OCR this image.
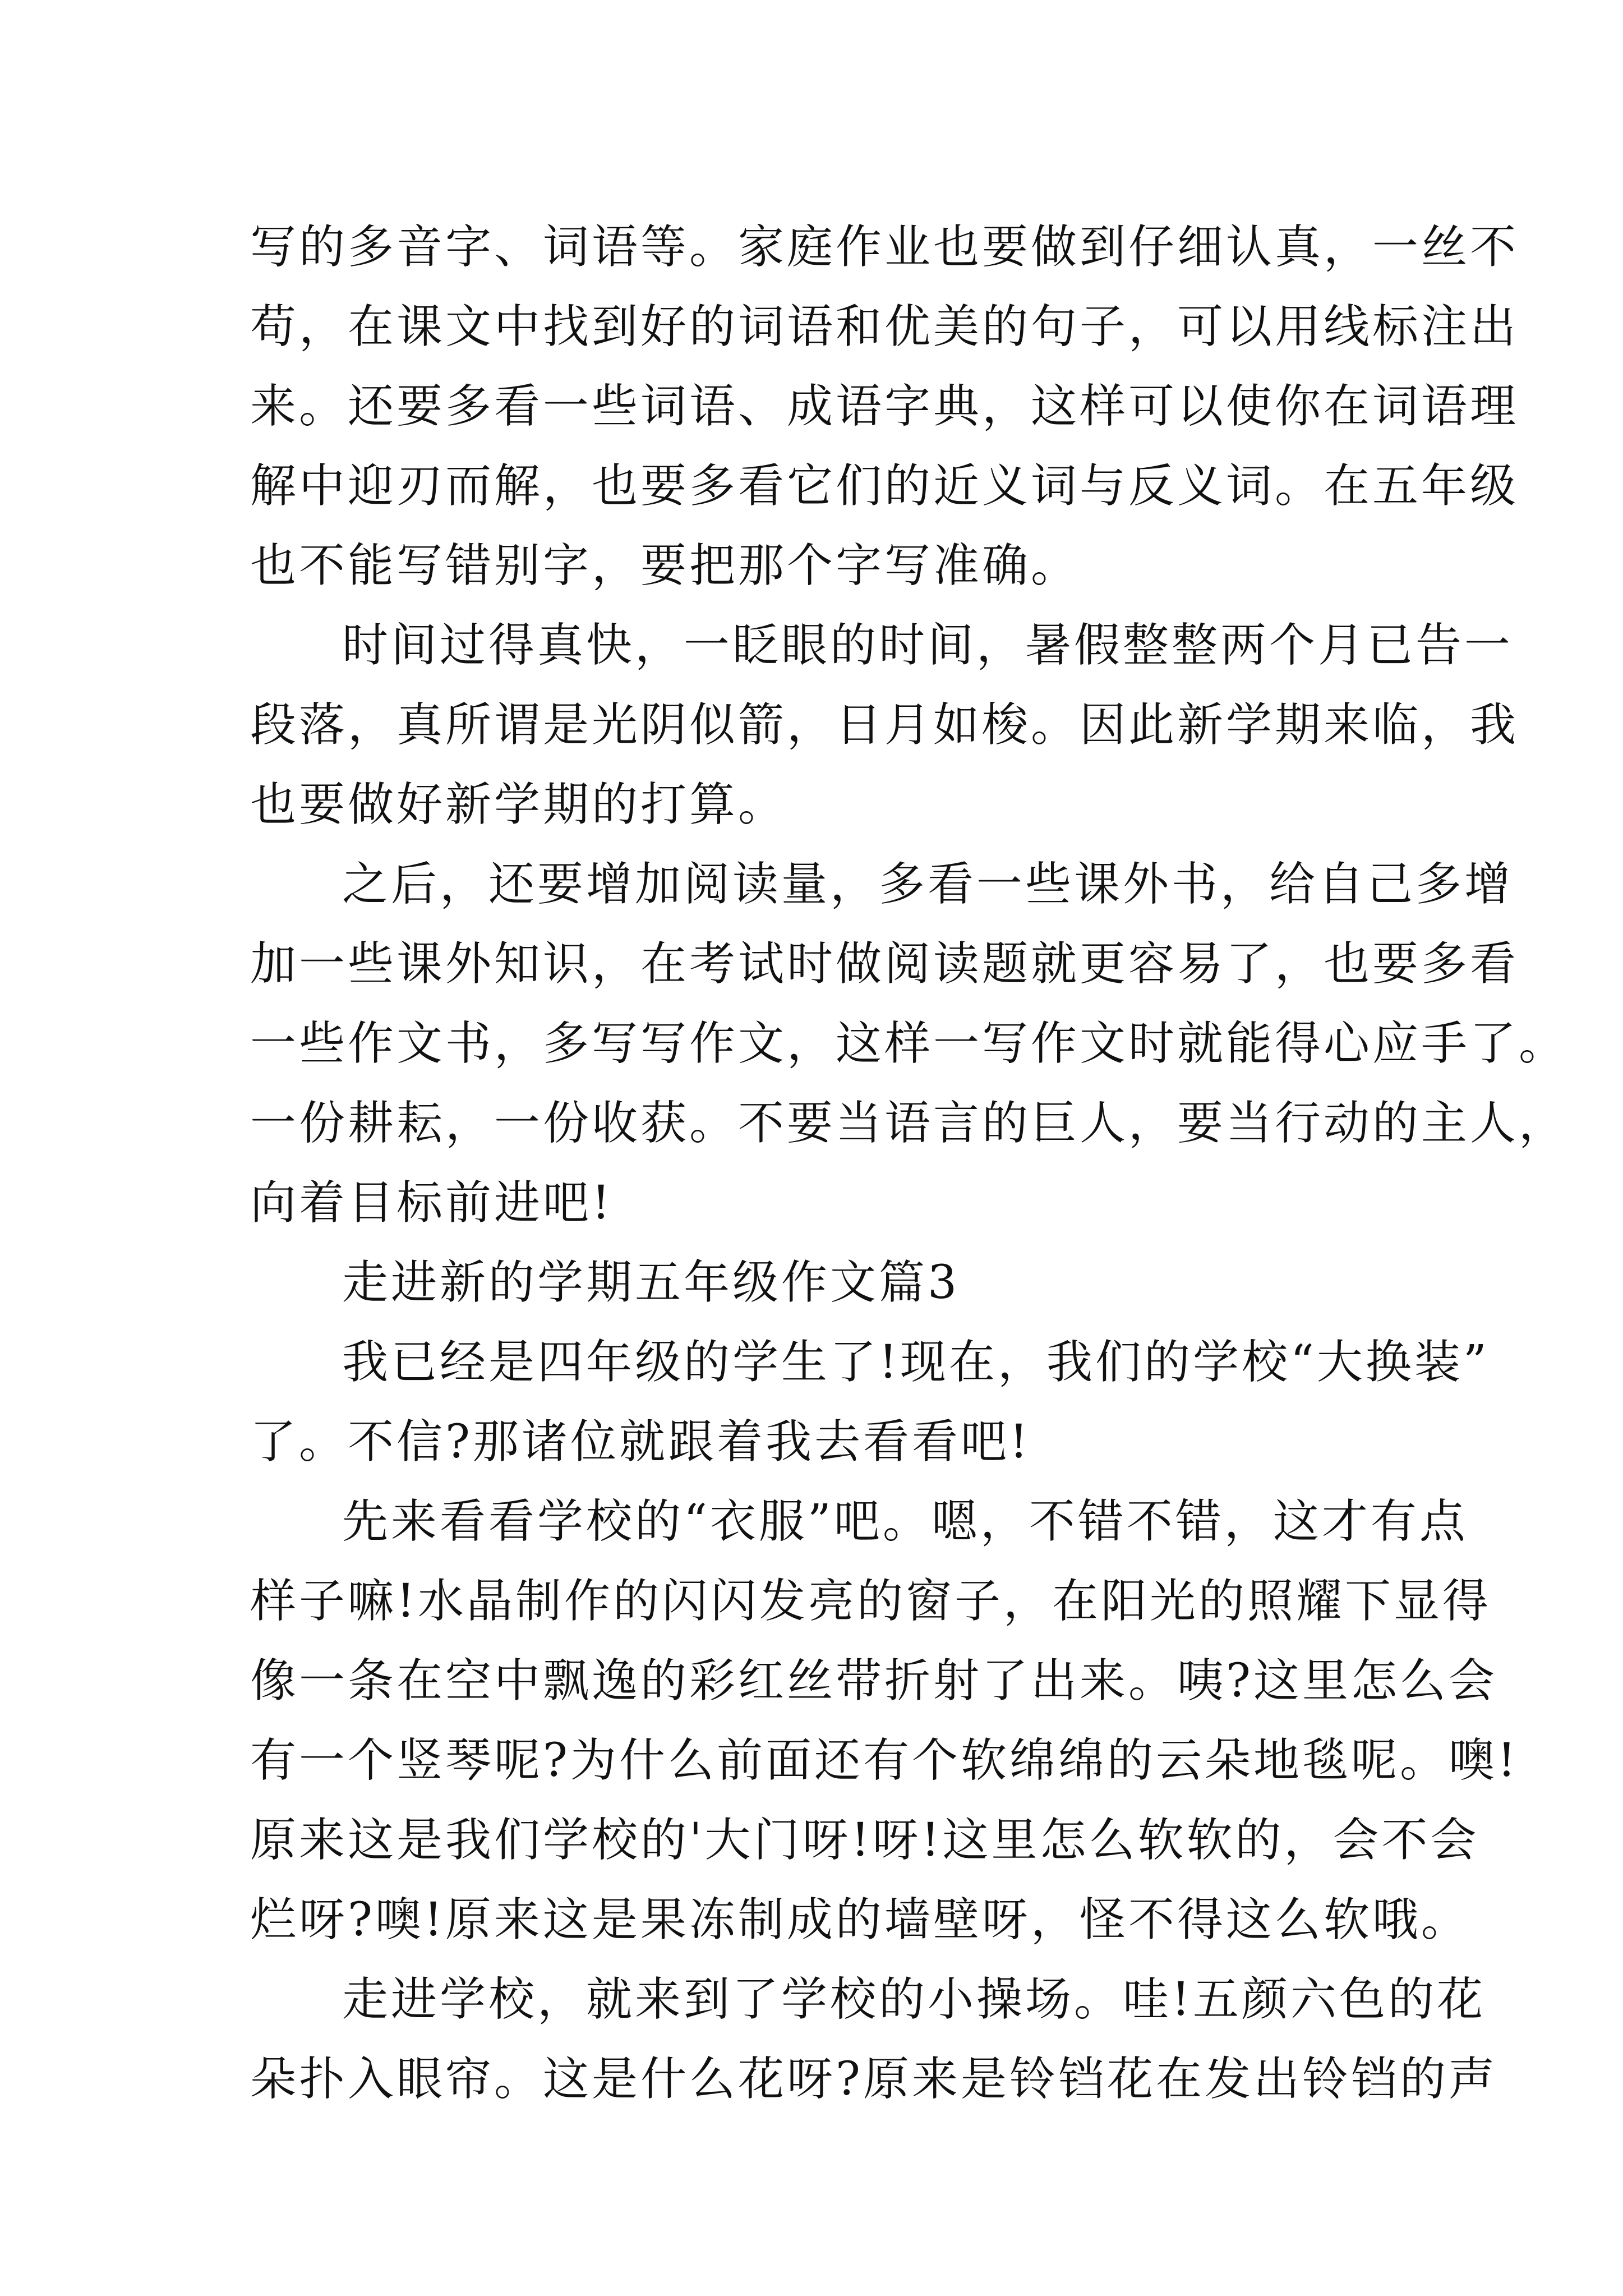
写的多音字、词语等。家庭作业也要做到仔细认真，一丝不
苟，在课文中找到好的词语和优美的句子，可以用线标注出
来。还要多看一些词语、成语字典，这样可以使你在词语理
解中迎刃而解，也要多看它们的近义词与反义词。在五年级
也不能写错别字，要把那个字写准确。
时间过得真快，一眨眼的时间，暑假整整两个月已告一
段落，真所谓是光阴似箭，日月如梭。因此新学期来临，我
也要做好新学期的打算。
之后，还要增加阅读量，多看一些课外书，给自己多增
加一些课外知识，在考试时做阅读题就更容易了，也要多看
一些作文书，多写写作文，这样一写作文时就能得心应手了。
一份耕耘，一份收获。不要当语言的巨人，要当行动的主人，
向着目标前进吧!
走进新的学期五年级作文篇3
我已经是四年级的学生了!现在，我们的学校“大换装”
了。不信?那诸位就跟着我去看看吧!
先来看看学校的“衣服”吧。嗯，不错不错，这才有点
样子嘛!水晶制作的闪闪发亮的窗子，在阳光的照耀下显得
像一条在空中飘逸的彩红丝带折射了出来。咦?这里怎么会
有一个竖琴呢?为什么前面还有个软绵绵的云朵地毯呢。噢!
原来这是我们学校的'大门呀!呀!这里怎么软软的，会不会
烂呀?噢!原来这是果冻制成的墙壁呀，怪不得这么软哦。
走进学校，就来到了学校的小操场。哇!五颜六色的花
朵扑入眼帘。这是什么花呀?原来是铃铛花在发出铃铛的声
